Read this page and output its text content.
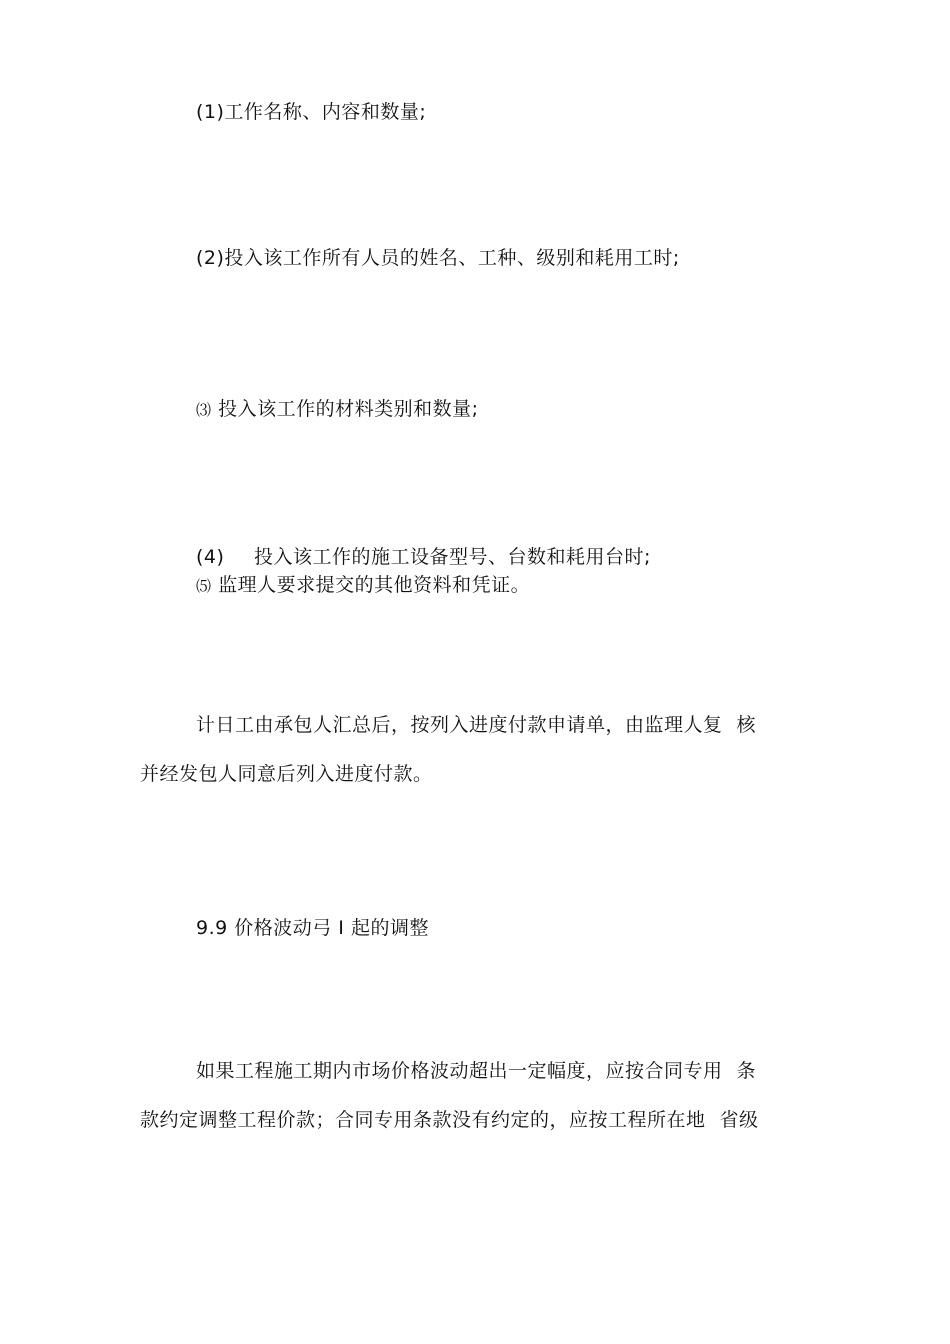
(1)工作名称、内容和数量;
(2)投入该工作所有人员的姓名、工种、级别和耗用工时;
⑶ 投入该工作的材料类别和数量;
(4) 投入该工作的施工设备型号、台数和耗用台时;
⑸ 监理人要求提交的其他资料和凭证。
计日工由承包人汇总后，按列入进度付款申请单，由监理人复 核
并经发包人同意后列入进度付款。
9.9 价格波动弓 I 起的调整
如果工程施工期内市场价格波动超出一定幅度，应按合同专用 条
款约定调整工程价款；合同专用条款没有约定的，应按工程所在地 省级
